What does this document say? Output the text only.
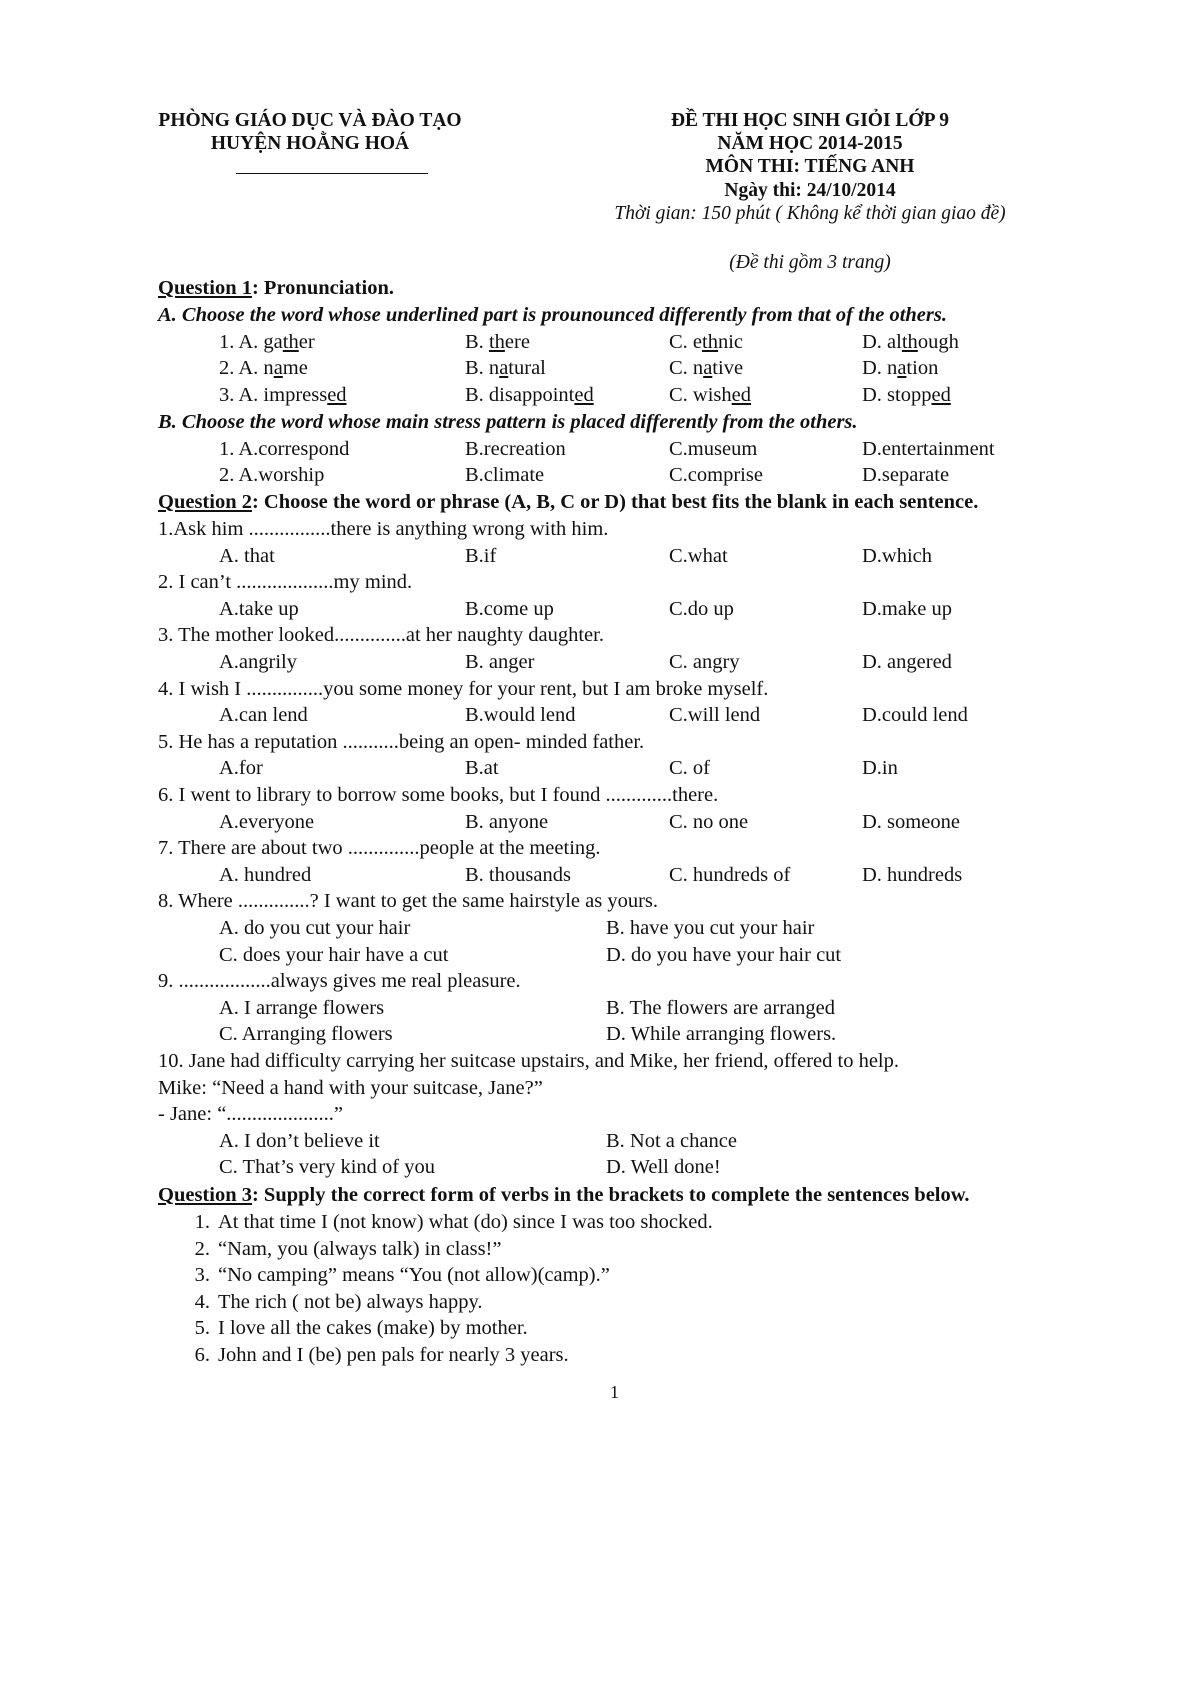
PHÒNG GIÁO DỤC VÀ ĐÀO TẠO
HUYỆN HOẰNG HOÁ
ĐỀ THI HỌC SINH GIỎI LỚP 9
NĂM HỌC 2014-2015
MÔN THI: TIẾNG ANH
Ngày thi: 24/10/2014
Thời gian: 150 phút ( Không kể thời gian giao đề)
(Đề thi gồm 3 trang)
Question 1: Pronunciation.
A. Choose the word whose underlined part is prounounced differently from that of the others.
B. Choose the word whose main stress pattern is placed differently from the others.
Question 2: Choose the word or phrase (A, B, C or D) that best fits the blank in each sentence.
Question 3: Supply the correct form of verbs in the brackets to complete the sentences below.
1
1. A. gather	B. there	C. ethnic	D. although
2. A. name	B. natural	C. native	D. nation
3. A. impressed	B. disappointed	C. wished	D. stopped
1. A.correspond	B.recreation	C.museum	D.entertainment
2. A.worship	B.climate	C.comprise	D.separate
1.Ask him ................there is anything wrong with him.
A. that	B.if	C.what	D.which
2. I can’t ...................my mind.
A.take up	B.come up	C.do up	D.make up
3. The mother looked..............at her naughty daughter.
A.angrily	B. anger	C. angry	D. angered
4. I wish I ...............you some money for your rent, but I am broke myself.
A.can lend	B.would lend	C.will lend	D.could lend
5. He has a reputation ...........being an open- minded father.
A.for	B.at	C. of	D.in
6. I went to library to borrow some books, but I found .............there.
A.everyone	B. anyone	C. no one	D. someone
7. There are about two ..............people at the meeting.
A. hundred	B. thousands	C. hundreds of	D. hundreds
8. Where ..............? I want to get the same hairstyle as yours.
A. do you cut your hair	B. have you cut your hair
C. does your hair have a cut	D. do you have your hair cut
9. ..................always gives me real pleasure.
A. I arrange flowers	B. The flowers are arranged
C. Arranging flowers	D. While arranging flowers.
10. Jane had difficulty carrying her suitcase upstairs, and Mike, her friend, offered to help.
Mike: “Need a hand with your suitcase, Jane?”
- Jane: “.....................”
A. I don’t believe it	B. Not a chance
C. That’s very kind of you	D. Well done!
1. At that time I (not know) what (do) since I was too shocked.
2. “Nam, you (always talk) in class!”
3. “No camping” means “You (not allow)(camp).”
4. The rich ( not be) always happy.
5. I love all the cakes (make) by mother.
6. John and I (be) pen pals for nearly 3 years.
